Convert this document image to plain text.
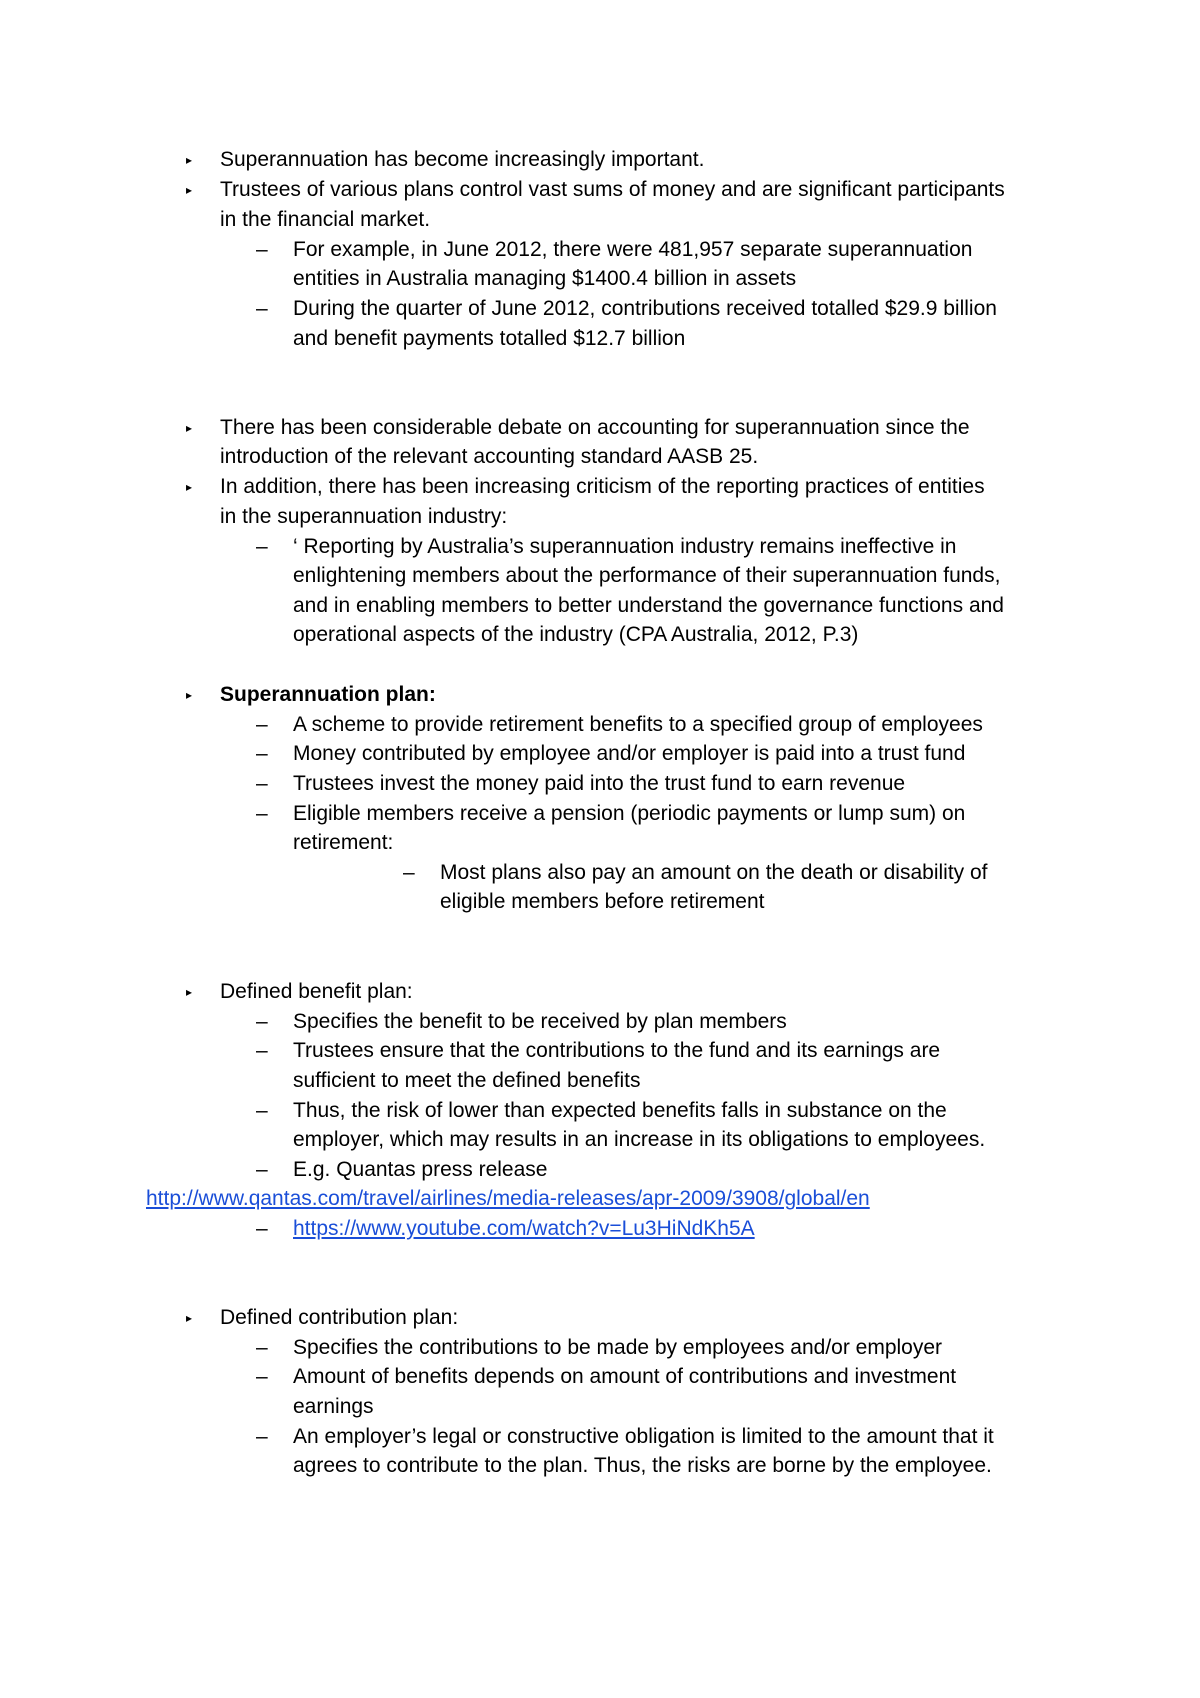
▸ Superannuation has become increasingly important.
▸ Trustees of various plans control vast sums of money and are significant participants
in the financial market.
– For example, in June 2012, there were 481,957 separate superannuation
entities in Australia managing $1400.4 billion in assets
– During the quarter of June 2012, contributions received totalled $29.9 billion
and benefit payments totalled $12.7 billion
▸ There has been considerable debate on accounting for superannuation since the
introduction of the relevant accounting standard AASB 25.
▸ In addition, there has been increasing criticism of the reporting practices of entities
in the superannuation industry:
– ‘ Reporting by Australia’s superannuation industry remains ineffective in
enlightening members about the performance of their superannuation funds,
and in enabling members to better understand the governance functions and
operational aspects of the industry (CPA Australia, 2012, P.3)
▸ Superannuation plan:
– A scheme to provide retirement benefits to a specified group of employees
– Money contributed by employee and/or employer is paid into a trust fund
– Trustees invest the money paid into the trust fund to earn revenue
– Eligible members receive a pension (periodic payments or lump sum) on
retirement:
– Most plans also pay an amount on the death or disability of
eligible members before retirement
▸ Defined benefit plan:
– Specifies the benefit to be received by plan members
– Trustees ensure that the contributions to the fund and its earnings are
sufficient to meet the defined benefits
– Thus, the risk of lower than expected benefits falls in substance on the
employer, which may results in an increase in its obligations to employees.
– E.g. Quantas press release
http://www.qantas.com/travel/airlines/media-releases/apr-2009/3908/global/en
– https://www.youtube.com/watch?v=Lu3HiNdKh5A
▸ Defined contribution plan:
– Specifies the contributions to be made by employees and/or employer
– Amount of benefits depends on amount of contributions and investment
earnings
– An employer’s legal or constructive obligation is limited to the amount that it
agrees to contribute to the plan. Thus, the risks are borne by the employee.
